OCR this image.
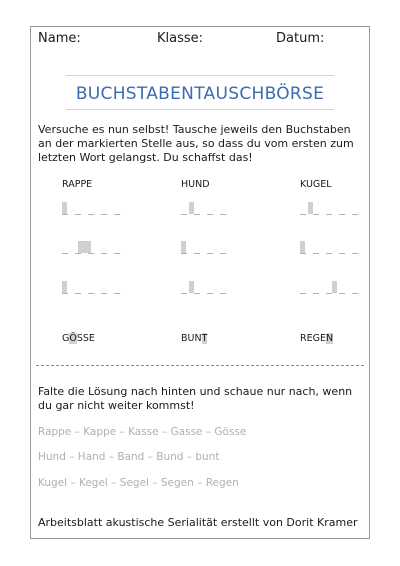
Name:	Klasse:	Datum:
BUCHSTABENTAUSCHBÖRSE
Versuche es nun selbst! Tausche jeweils den Buchstaben an der markierten Stelle aus, so dass du vom ersten zum letzten Wort gelangst. Du schaffst das!
RAPPE
_ _ _ _ _
_ _ _ _ _
_ _ _ _ _
GÖSSE
HUND
_ _ _ _
_ _ _ _
_ _ _ _
BUNT
KUGEL
_ _ _ _ _
_ _ _ _ _
_ _ _ _ _
REGEN
Falte die Lösung nach hinten und schaue nur nach, wenn du gar nicht weiter kommst!
Rappe – Kappe – Kasse – Gasse – Gösse
Hund – Hand – Band – Bund – bunt
Kugel – Kegel – Segel – Segen – Regen
Arbeitsblatt akustische Serialität erstellt von Dorit Kramer
